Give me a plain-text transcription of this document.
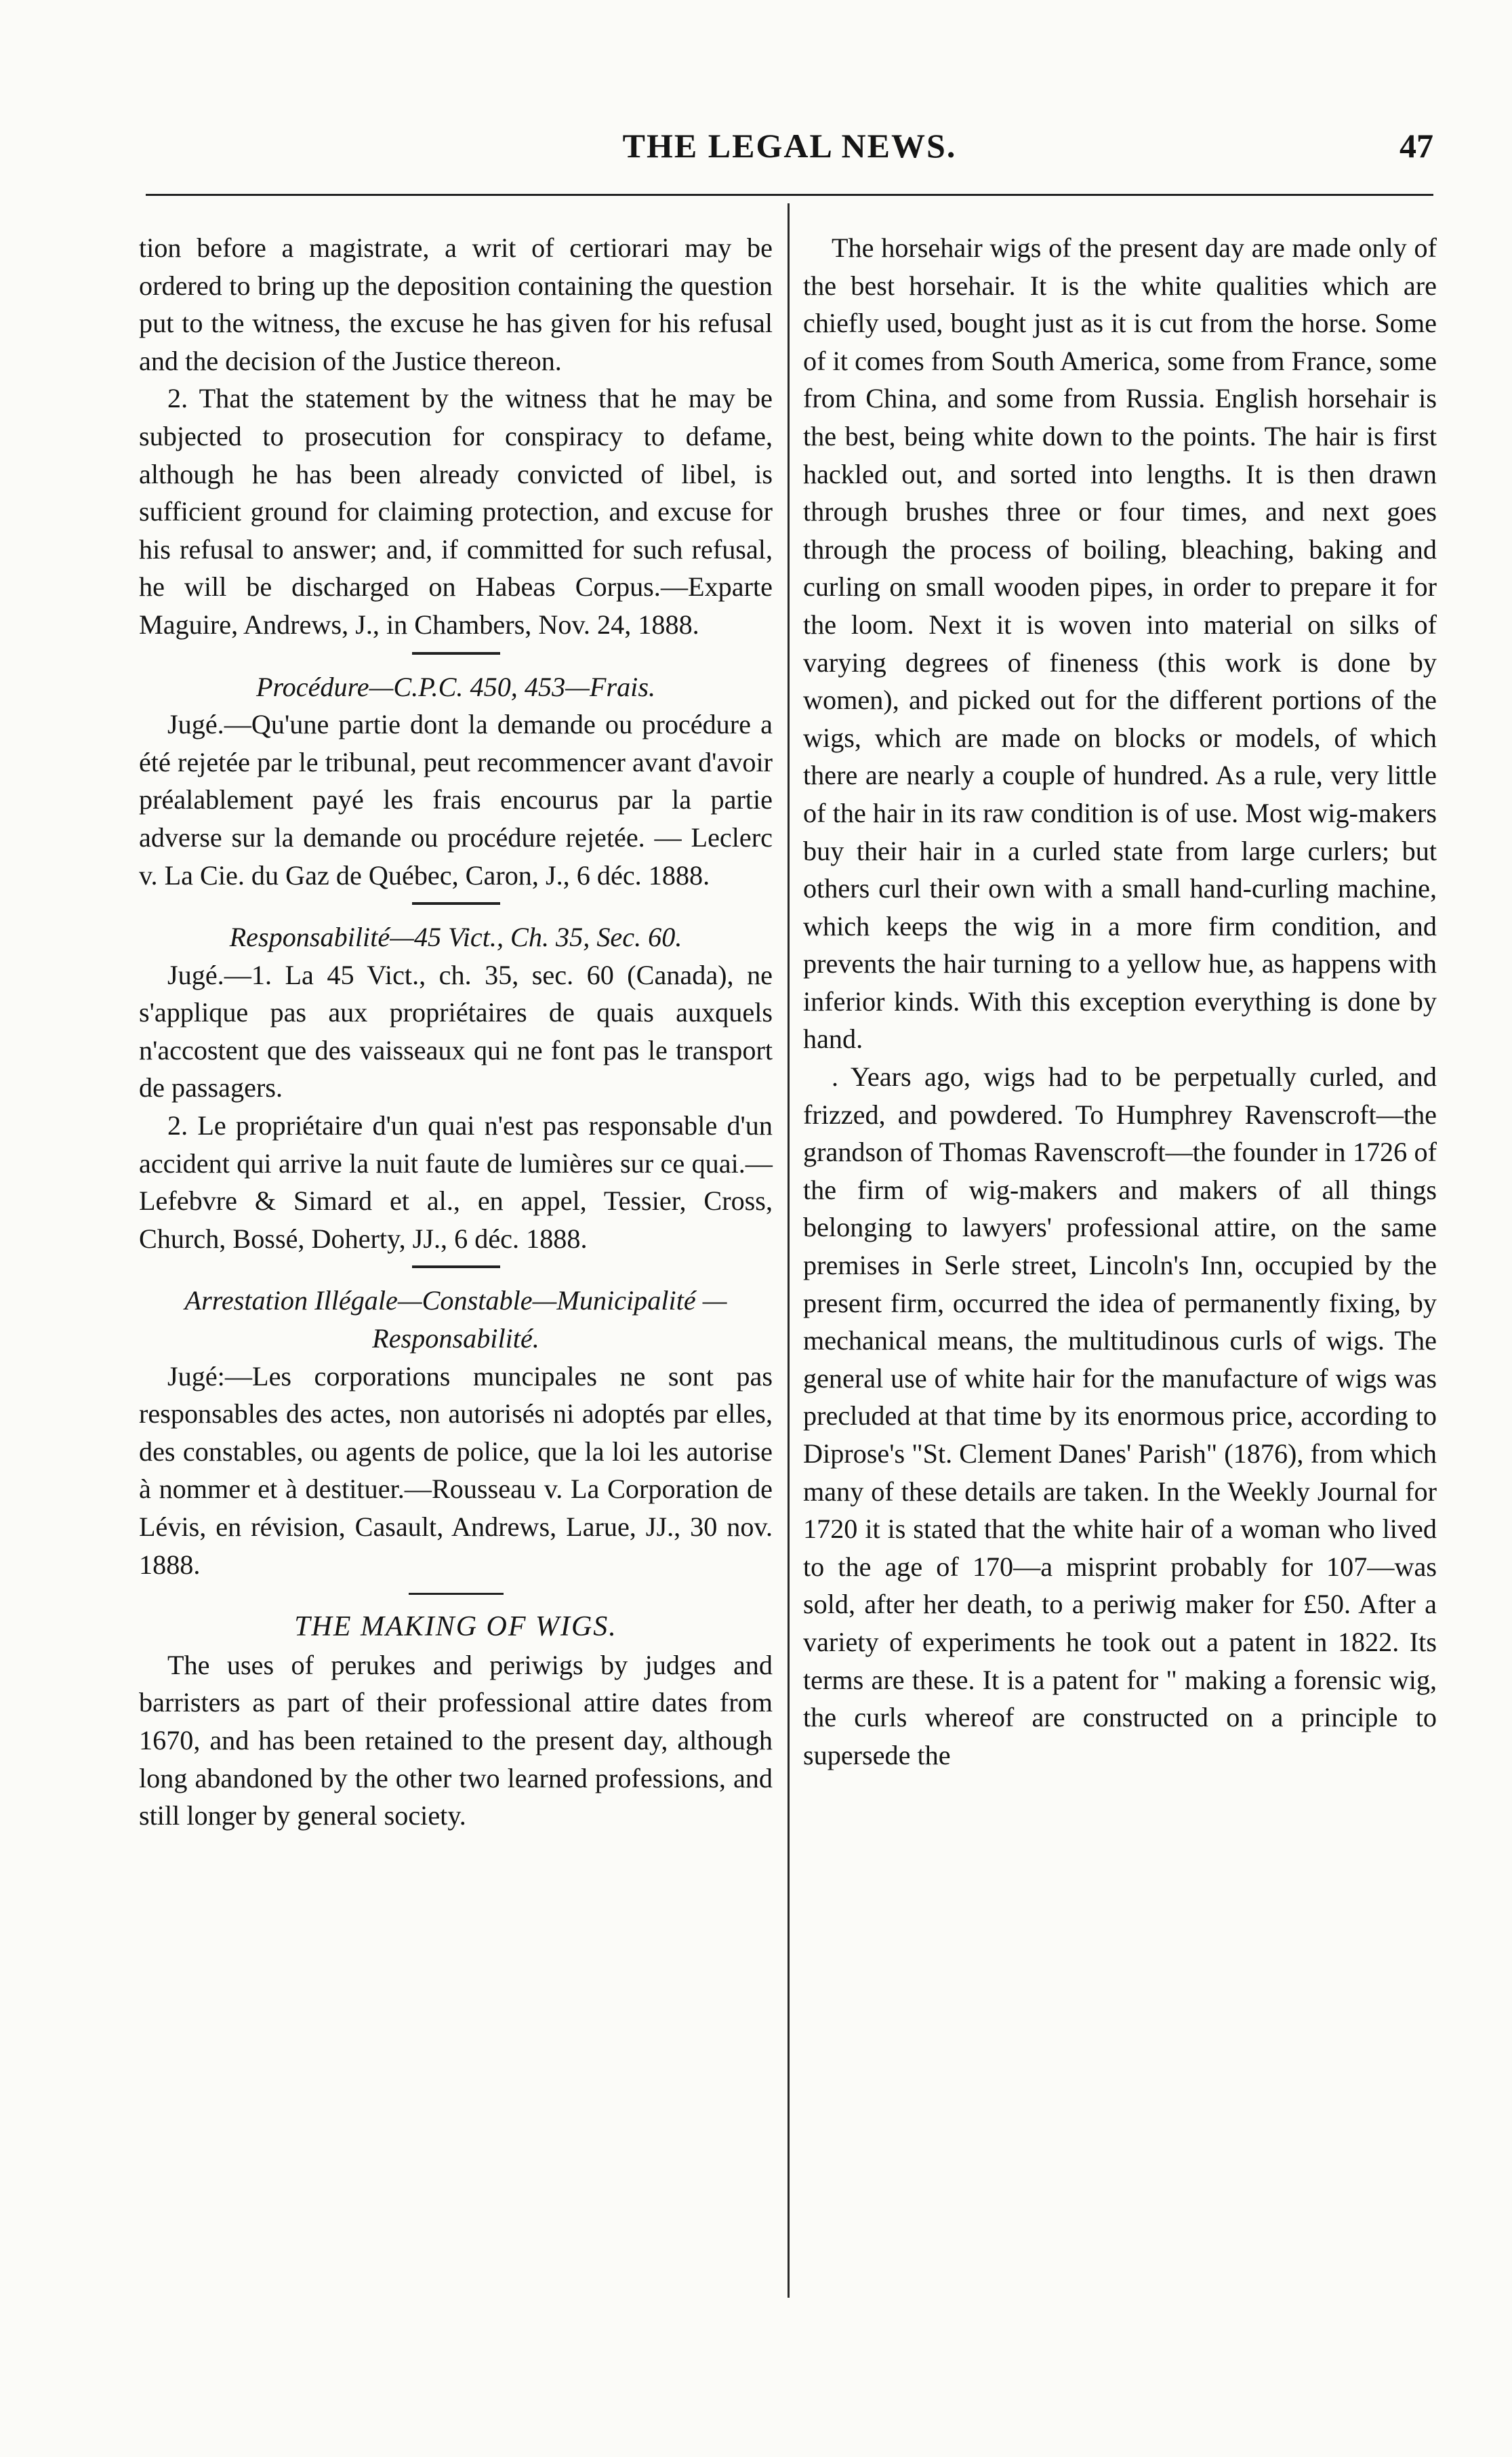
THE LEGAL NEWS.	47

tion before a magistrate, a writ of certiorari may be ordered to bring up the deposition containing the question put to the witness, the excuse he has given for his refusal and the decision of the Justice thereon.

2. That the statement by the witness that he may be subjected to prosecution for conspiracy to defame, although he has been already convicted of libel, is sufficient ground for claiming protection, and excuse for his refusal to answer; and, if committed for such refusal, he will be discharged on Habeas Corpus.—Exparte Maguire, Andrews, J., in Chambers, Nov. 24, 1888.

Procédure—C.P.C. 450, 453—Frais.

Jugé.—Qu'une partie dont la demande ou procédure a été rejetée par le tribunal, peut recommencer avant d'avoir préalablement payé les frais encourus par la partie adverse sur la demande ou procédure rejetée. — Leclerc v. La Cie. du Gaz de Québec, Caron, J., 6 déc. 1888.

Responsabilité—45 Vict., Ch. 35, Sec. 60.

Jugé.—1. La 45 Vict., ch. 35, sec. 60 (Canada), ne s'applique pas aux propriétaires de quais auxquels n'accostent que des vaisseaux qui ne font pas le transport de passagers.

2. Le propriétaire d'un quai n'est pas responsable d'un accident qui arrive la nuit faute de lumières sur ce quai.—Lefebvre & Simard et al., en appel, Tessier, Cross, Church, Bossé, Doherty, JJ., 6 déc. 1888.

Arrestation Illégale—Constable—Municipalité —Responsabilité.

Jugé:—Les corporations muncipales ne sont pas responsables des actes, non autorisés ni adoptés par elles, des constables, ou agents de police, que la loi les autorise à nommer et à destituer.—Rousseau v. La Corporation de Lévis, en révision, Casault, Andrews, Larue, JJ., 30 nov. 1888.

THE MAKING OF WIGS.

The uses of perukes and periwigs by judges and barristers as part of their professional attire dates from 1670, and has been retained to the present day, although long abandoned by the other two learned professions, and still longer by general society.

The horsehair wigs of the present day are made only of the best horsehair. It is the white qualities which are chiefly used, bought just as it is cut from the horse. Some of it comes from South America, some from France, some from China, and some from Russia. English horsehair is the best, being white down to the points. The hair is first hackled out, and sorted into lengths. It is then drawn through brushes three or four times, and next goes through the process of boiling, bleaching, baking and curling on small wooden pipes, in order to prepare it for the loom. Next it is woven into material on silks of varying degrees of fineness (this work is done by women), and picked out for the different portions of the wigs, which are made on blocks or models, of which there are nearly a couple of hundred. As a rule, very little of the hair in its raw condition is of use. Most wig-makers buy their hair in a curled state from large curlers; but others curl their own with a small hand-curling machine, which keeps the wig in a more firm condition, and prevents the hair turning to a yellow hue, as happens with inferior kinds. With this exception everything is done by hand.

. Years ago, wigs had to be perpetually curled, and frizzed, and powdered. To Humphrey Ravenscroft—the grandson of Thomas Ravenscroft—the founder in 1726 of the firm of wig-makers and makers of all things belonging to lawyers' professional attire, on the same premises in Serle street, Lincoln's Inn, occupied by the present firm, occurred the idea of permanently fixing, by mechanical means, the multitudinous curls of wigs. The general use of white hair for the manufacture of wigs was precluded at that time by its enormous price, according to Diprose's "St. Clement Danes' Parish" (1876), from which many of these details are taken. In the Weekly Journal for 1720 it is stated that the white hair of a woman who lived to the age of 170—a misprint probably for 107—was sold, after her death, to a periwig maker for £50. After a variety of experiments he took out a patent in 1822. Its terms are these. It is a patent for " making a forensic wig, the curls whereof are constructed on a principle to supersede the
